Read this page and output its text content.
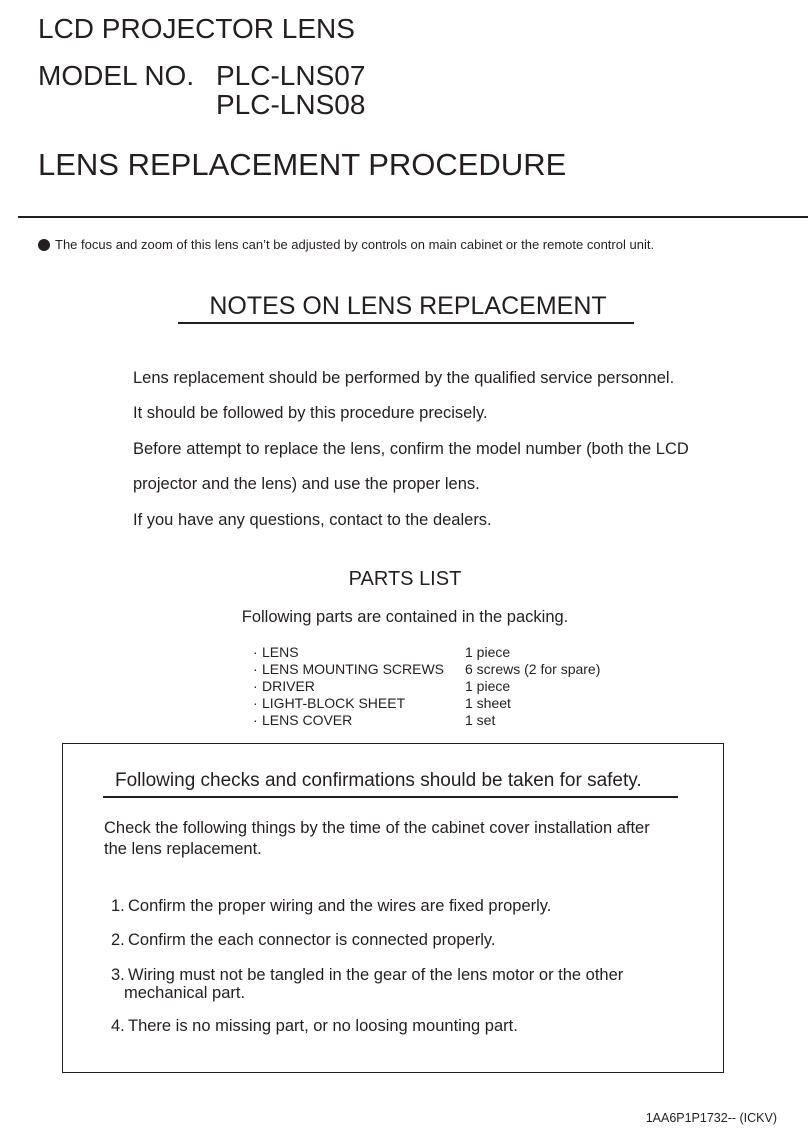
LCD PROJECTOR LENS
MODEL NO. PLC-LNS07
PLC-LNS08
LENS REPLACEMENT PROCEDURE
The focus and zoom of this lens can’t be adjusted by controls on main cabinet or the remote control unit.
NOTES ON LENS REPLACEMENT
Lens replacement should be performed by the qualified service personnel.
It should be followed by this procedure precisely.
Before attempt to replace the lens, confirm the model number (both the LCD
projector and the lens) and use the proper lens.
If you have any questions, contact to the dealers.
PARTS LIST
Following parts are contained in the packing.
· LENS	1 piece
· LENS MOUNTING SCREWS 6 screws (2 for spare)
· DRIVER	1 piece
· LIGHT-BLOCK SHEET	1 sheet
· LENS COVER	1 set
Following checks and confirmations should be taken for safety.
Check the following things by the time of the cabinet cover installation after
the lens replacement.
1. Confirm the proper wiring and the wires are fixed properly.
2. Confirm the each connector is connected properly.
3. Wiring must not be tangled in the gear of the lens motor or the other
mechanical part.
4. There is no missing part, or no loosing mounting part.
1AA6P1P1732-- (ICKV)
